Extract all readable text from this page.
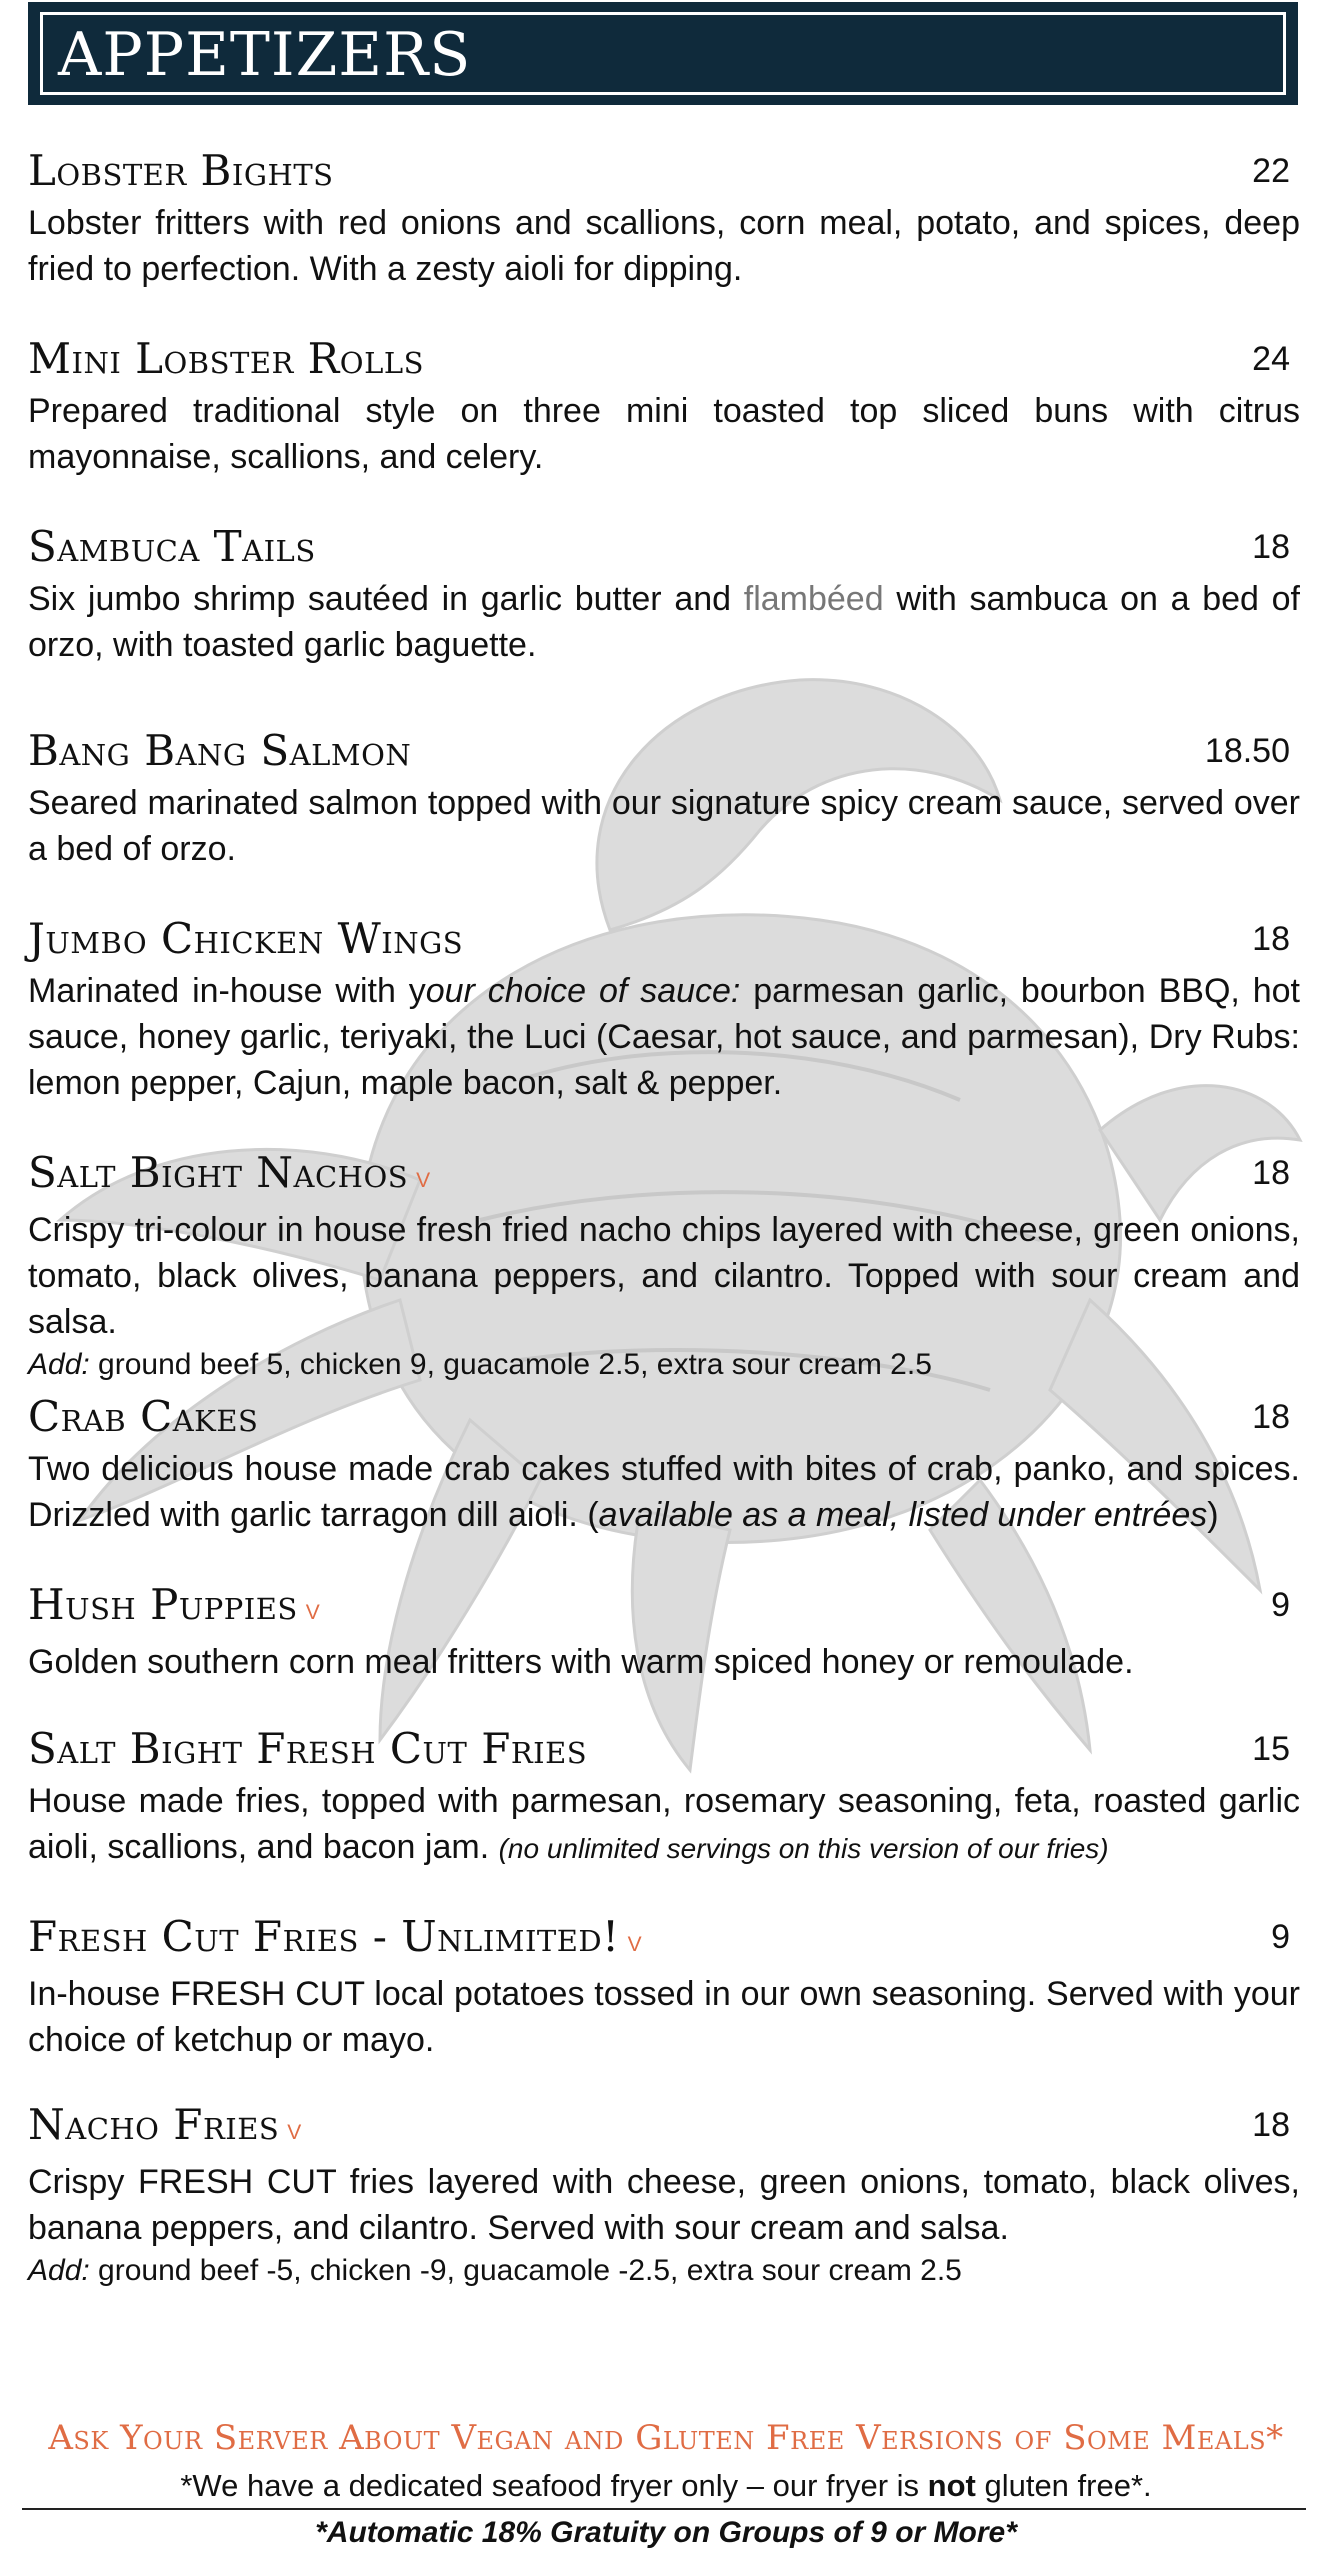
APPETIZERS
Lobster Bights	22
Lobster fritters with red onions and scallions, corn meal, potato, and spices, deep fried to perfection. With a zesty aioli for dipping.
Mini Lobster Rolls	24
Prepared traditional style on three mini toasted top sliced buns with citrus mayonnaise, scallions, and celery.
Sambuca Tails	18
Six jumbo shrimp sautéed in garlic butter and flambéed with sambuca on a bed of orzo, with toasted garlic baguette.
Bang Bang Salmon	18.50
Seared marinated salmon topped with our signature spicy cream sauce, served over a bed of orzo.
Jumbo Chicken Wings	18
Marinated in-house with your choice of sauce: parmesan garlic, bourbon BBQ, hot sauce, honey garlic, teriyaki, the Luci (Caesar, hot sauce, and parmesan), Dry Rubs: lemon pepper, Cajun, maple bacon, salt & pepper.
Salt Bight Nachos v	18
Crispy tri-colour in house fresh fried nacho chips layered with cheese, green onions, tomato, black olives, banana peppers, and cilantro. Topped with sour cream and salsa.
Add: ground beef 5, chicken 9, guacamole 2.5, extra sour cream 2.5
Crab Cakes	18
Two delicious house made crab cakes stuffed with bites of crab, panko, and spices. Drizzled with garlic tarragon dill aioli. (available as a meal, listed under entrées)
Hush Puppies v	9
Golden southern corn meal fritters with warm spiced honey or remoulade.
Salt Bight Fresh Cut Fries	15
House made fries, topped with parmesan, rosemary seasoning, feta, roasted garlic aioli, scallions, and bacon jam. (no unlimited servings on this version of our fries)
Fresh Cut Fries - Unlimited! v	9
In-house FRESH CUT local potatoes tossed in our own seasoning. Served with your choice of ketchup or mayo.
Nacho Fries v	18
Crispy FRESH CUT fries layered with cheese, green onions, tomato, black olives, banana peppers, and cilantro. Served with sour cream and salsa.
Add: ground beef -5, chicken -9, guacamole -2.5, extra sour cream 2.5
Ask Your Server About Vegan and Gluten Free Versions of Some Meals*
*We have a dedicated seafood fryer only – our fryer is not gluten free*.
*Automatic 18% Gratuity on Groups of 9 or More*
